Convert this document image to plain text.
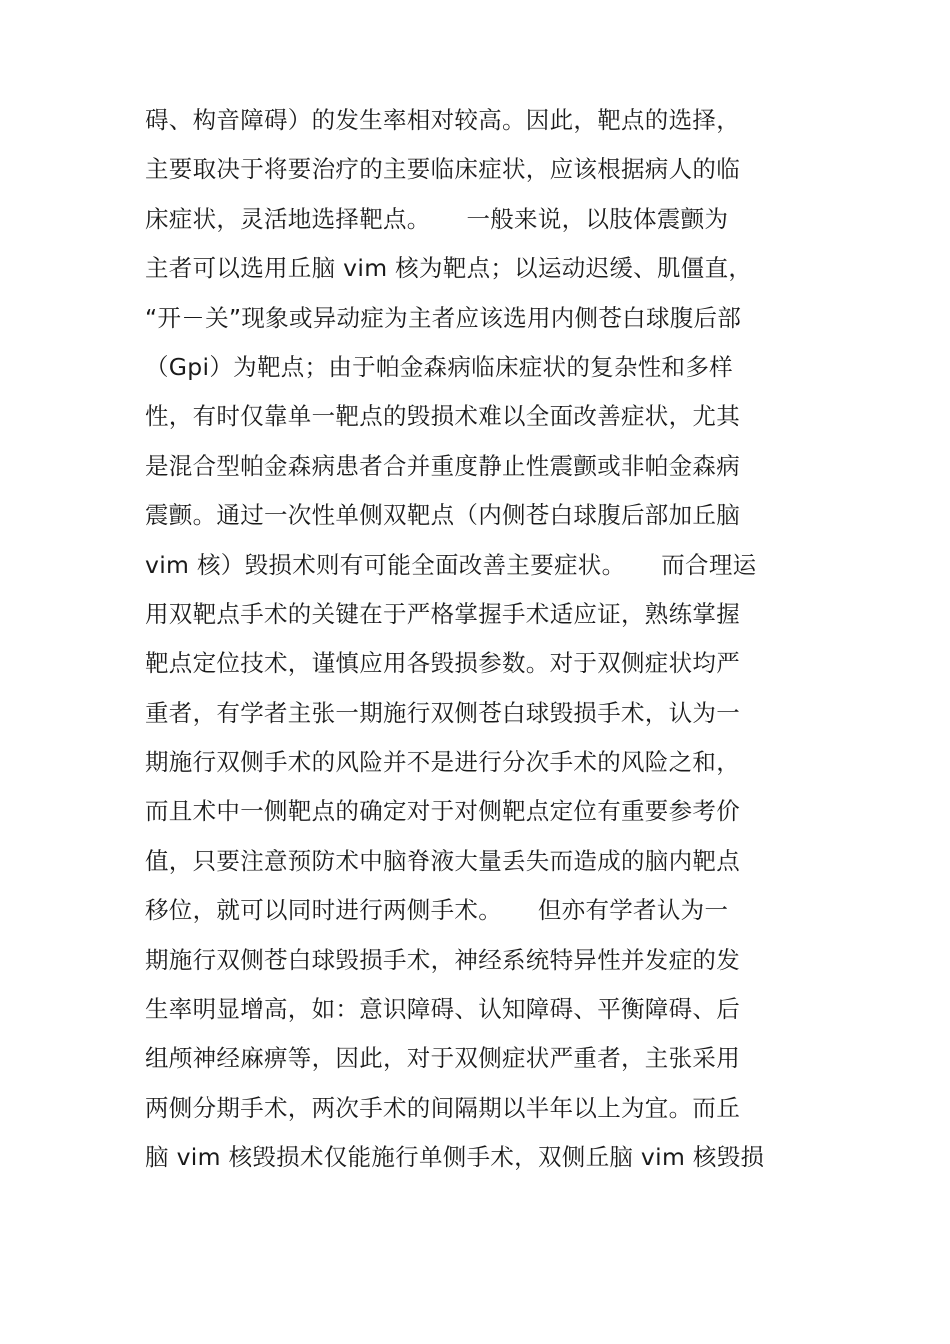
碍、构音障碍）的发生率相对较高。因此，靶点的选择，
主要取决于将要治疗的主要临床症状，应该根据病人的临
床症状，灵活地选择靶点。　　一般来说，以肢体震颤为
主者可以选用丘脑 vim 核为靶点；以运动迟缓、肌僵直，
“开－关”现象或异动症为主者应该选用内侧苍白球腹后部
（Gpi）为靶点；由于帕金森病临床症状的复杂性和多样
性，有时仅靠单一靶点的毁损术难以全面改善症状，尤其
是混合型帕金森病患者合并重度静止性震颤或非帕金森病
震颤。通过一次性单侧双靶点（内侧苍白球腹后部加丘脑
vim 核）毁损术则有可能全面改善主要症状。　　而合理运
用双靶点手术的关键在于严格掌握手术适应证，熟练掌握
靶点定位技术，谨慎应用各毁损参数。对于双侧症状均严
重者，有学者主张一期施行双侧苍白球毁损手术，认为一
期施行双侧手术的风险并不是进行分次手术的风险之和，
而且术中一侧靶点的确定对于对侧靶点定位有重要参考价
值，只要注意预防术中脑脊液大量丢失而造成的脑内靶点
移位，就可以同时进行两侧手术。　　但亦有学者认为一
期施行双侧苍白球毁损手术，神经系统特异性并发症的发
生率明显增高，如：意识障碍、认知障碍、平衡障碍、后
组颅神经麻痹等，因此，对于双侧症状严重者，主张采用
两侧分期手术，两次手术的间隔期以半年以上为宜。而丘
脑 vim 核毁损术仅能施行单侧手术，双侧丘脑 vim 核毁损
